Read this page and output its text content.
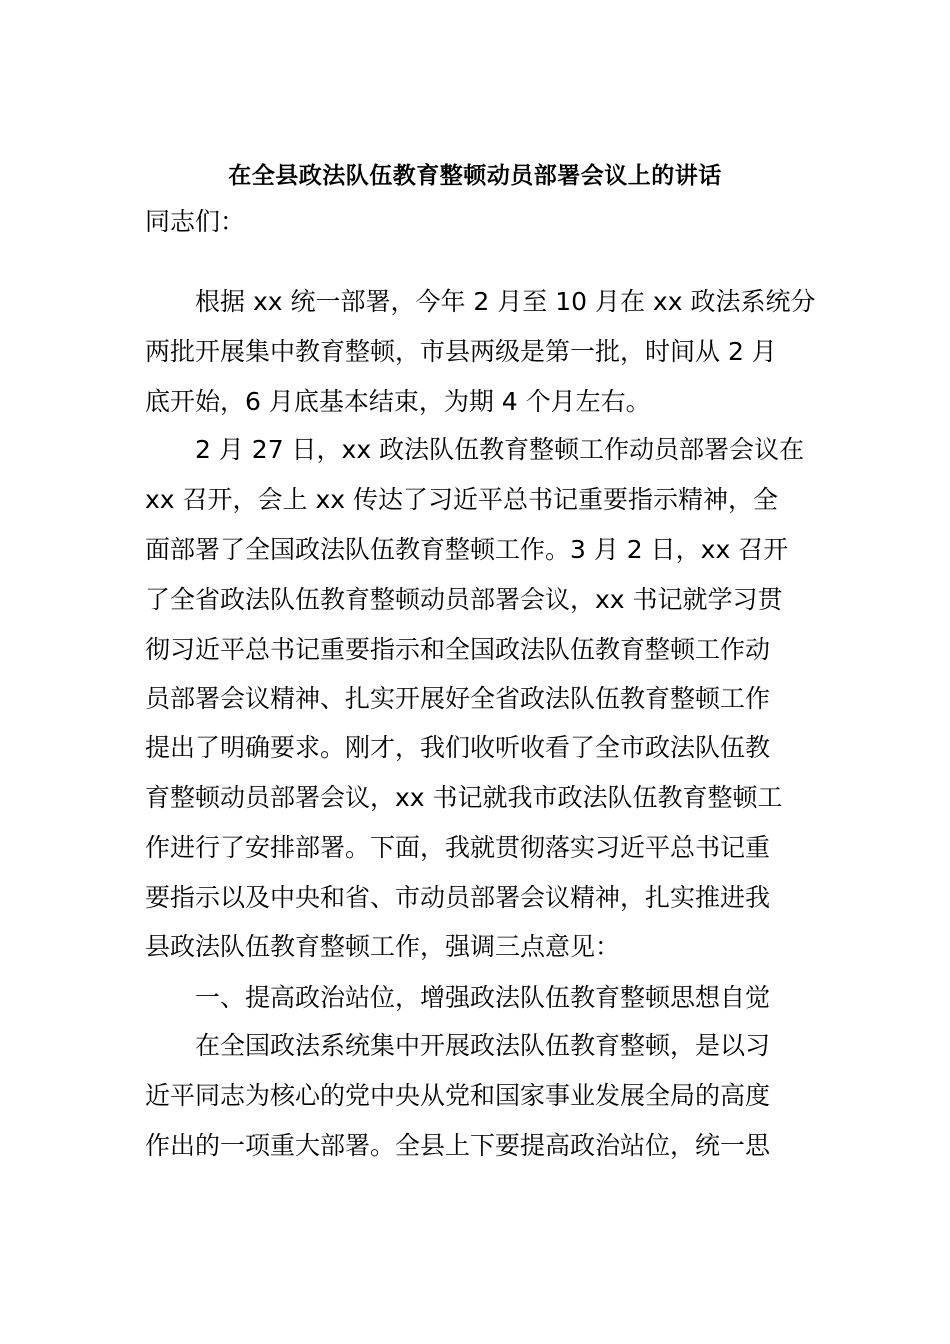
在全县政法队伍教育整顿动员部署会议上的讲话

同志们：

根据 xx 统一部署，今年 2 月至 10 月在 xx 政法系统分

两批开展集中教育整顿，市县两级是第一批，时间从 2 月

底开始，6 月底基本结束，为期 4 个月左右。

2 月 27 日，xx 政法队伍教育整顿工作动员部署会议在

xx 召开，会上 xx 传达了习近平总书记重要指示精神，全

面部署了全国政法队伍教育整顿工作。3 月 2 日，xx 召开

了全省政法队伍教育整顿动员部署会议，xx 书记就学习贯

彻习近平总书记重要指示和全国政法队伍教育整顿工作动

员部署会议精神、扎实开展好全省政法队伍教育整顿工作

提出了明确要求。刚才，我们收听收看了全市政法队伍教

育整顿动员部署会议，xx 书记就我市政法队伍教育整顿工

作进行了安排部署。下面，我就贯彻落实习近平总书记重

要指示以及中央和省、市动员部署会议精神，扎实推进我

县政法队伍教育整顿工作，强调三点意见：

一、提高政治站位，增强政法队伍教育整顿思想自觉

在全国政法系统集中开展政法队伍教育整顿，是以习

近平同志为核心的党中央从党和国家事业发展全局的高度

作出的一项重大部署。全县上下要提高政治站位，统一思
